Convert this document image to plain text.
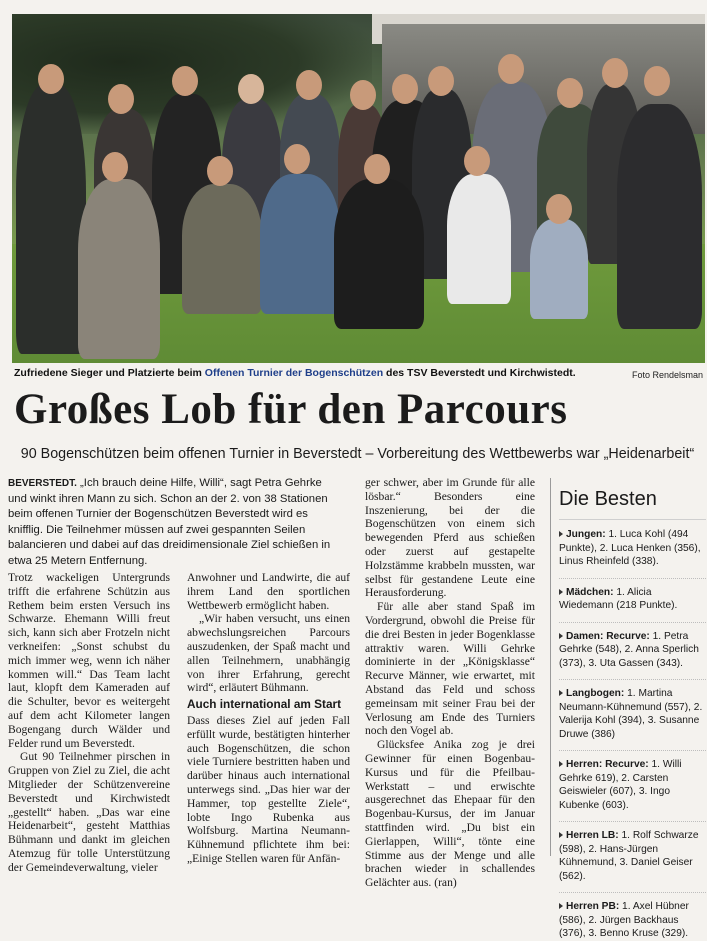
Zufriedene Sieger und Platzierte beim Offenen Turnier der Bogenschützen des TSV Beverstedt und Kirchwistedt.	Foto Rendelsman
Großes Lob für den Parcours
90 Bogenschützen beim offenen Turnier in Beverstedt – Vorbereitung des Wettbewerbs war „Heidenarbeit“
BEVERSTEDT. „Ich brauch deine Hilfe, Willi“, sagt Petra Gehrke und winkt ihren Mann zu sich. Schon an der 2. von 38 Stationen beim offenen Turnier der Bogenschützen Beverstedt wird es knifflig. Die Teilnehmer müssen auf zwei gespannten Seilen balancieren und dabei auf das dreidimensionale Ziel schießen in etwa 25 Metern Entfernung.

Trotz wackeligen Untergrunds trifft die erfahrene Schützin aus Rethem beim ersten Versuch ins Schwarze. Ehemann Willi freut sich, kann sich aber Frotzeln nicht verkneifen: „Sonst schubst du mich immer weg, wenn ich näher kommen will.“ Das Team lacht laut, klopft dem Kameraden auf die Schulter, bevor es weitergeht auf dem acht Kilometer langen Bogengang durch Wälder und Felder rund um Beverstedt.

Gut 90 Teilnehmer pirschen in Gruppen von Ziel zu Ziel, die acht Mitglieder der Schützenvereine Beverstedt und Kirchwistedt „gestellt“ haben. „Das war eine Heidenarbeit“, gesteht Matthias Bühmann und dankt im gleichen Atemzug für tolle Unterstützung der Gemeindeverwaltung, vieler

Anwohner und Landwirte, die auf ihrem Land den sportlichen Wettbewerb ermöglicht haben.

„Wir haben versucht, uns einen abwechslungsreichen Parcours auszudenken, der Spaß macht und allen Teilnehmern, unabhängig von ihrer Erfahrung, gerecht wird“, erläutert Bühmann.

Auch international am Start

Dass dieses Ziel auf jeden Fall erfüllt wurde, bestätigten hinterher auch Bogenschützen, die schon viele Turniere bestritten haben und darüber hinaus auch international unterwegs sind. „Das hier war der Hammer, top gestellte Ziele“, lobte Ingo Rubenka aus Wolfsburg. Martina Neumann-Kühnemund pflichtete ihm bei: „Einige Stellen waren für Anfän-

ger schwer, aber im Grunde für alle lösbar.“ Besonders eine Inszenierung, bei der die Bogenschützen von einem sich bewegenden Pferd aus schießen oder zuerst auf gestapelte Holzstämme krabbeln mussten, war selbst für gestandene Leute eine Herausforderung.

Für alle aber stand Spaß im Vordergrund, obwohl die Preise für die drei Besten in jeder Bogenklasse attraktiv waren. Willi Gehrke dominierte in der „Königsklasse“ Recurve Männer, wie erwartet, mit Abstand das Feld und schoss gemeinsam mit seiner Frau bei der Verlosung am Ende des Turniers noch den Vogel ab.

Glücksfee Anika zog je drei Gewinner für einen Bogenbau-Kursus und für die Pfeilbau-Werkstatt – und erwischte ausgerechnet das Ehepaar für den Bogenbau-Kursus, der im Januar stattfinden wird. „Du bist ein Gierlappen, Willi“, tönte eine Stimme aus der Menge und alle brachen wieder in schallendes Gelächter aus. (ran)

Die Besten
Jungen: 1. Luca Kohl (494 Punkte), 2. Luca Henken (356), Linus Rheinfeld (338).
Mädchen: 1. Alicia Wiedemann (218 Punkte).
Damen: Recurve: 1. Petra Gehrke (548), 2. Anna Sperlich (373), 3. Uta Gassen (343).
Langbogen: 1. Martina Neumann-Kühnemund (557), 2. Valerija Kohl (394), 3. Susanne Druwe (386)
Herren: Recurve: 1. Willi Gehrke 619), 2. Carsten Geiswieler (607), 3. Ingo Kubenke (603).
Herren LB: 1. Rolf Schwarze (598), 2. Hans-Jürgen Kühnemund, 3. Daniel Geiser (562).
Herren PB: 1. Axel Hübner (586), 2. Jürgen Backhaus (376), 3. Benno Kruse (329).
